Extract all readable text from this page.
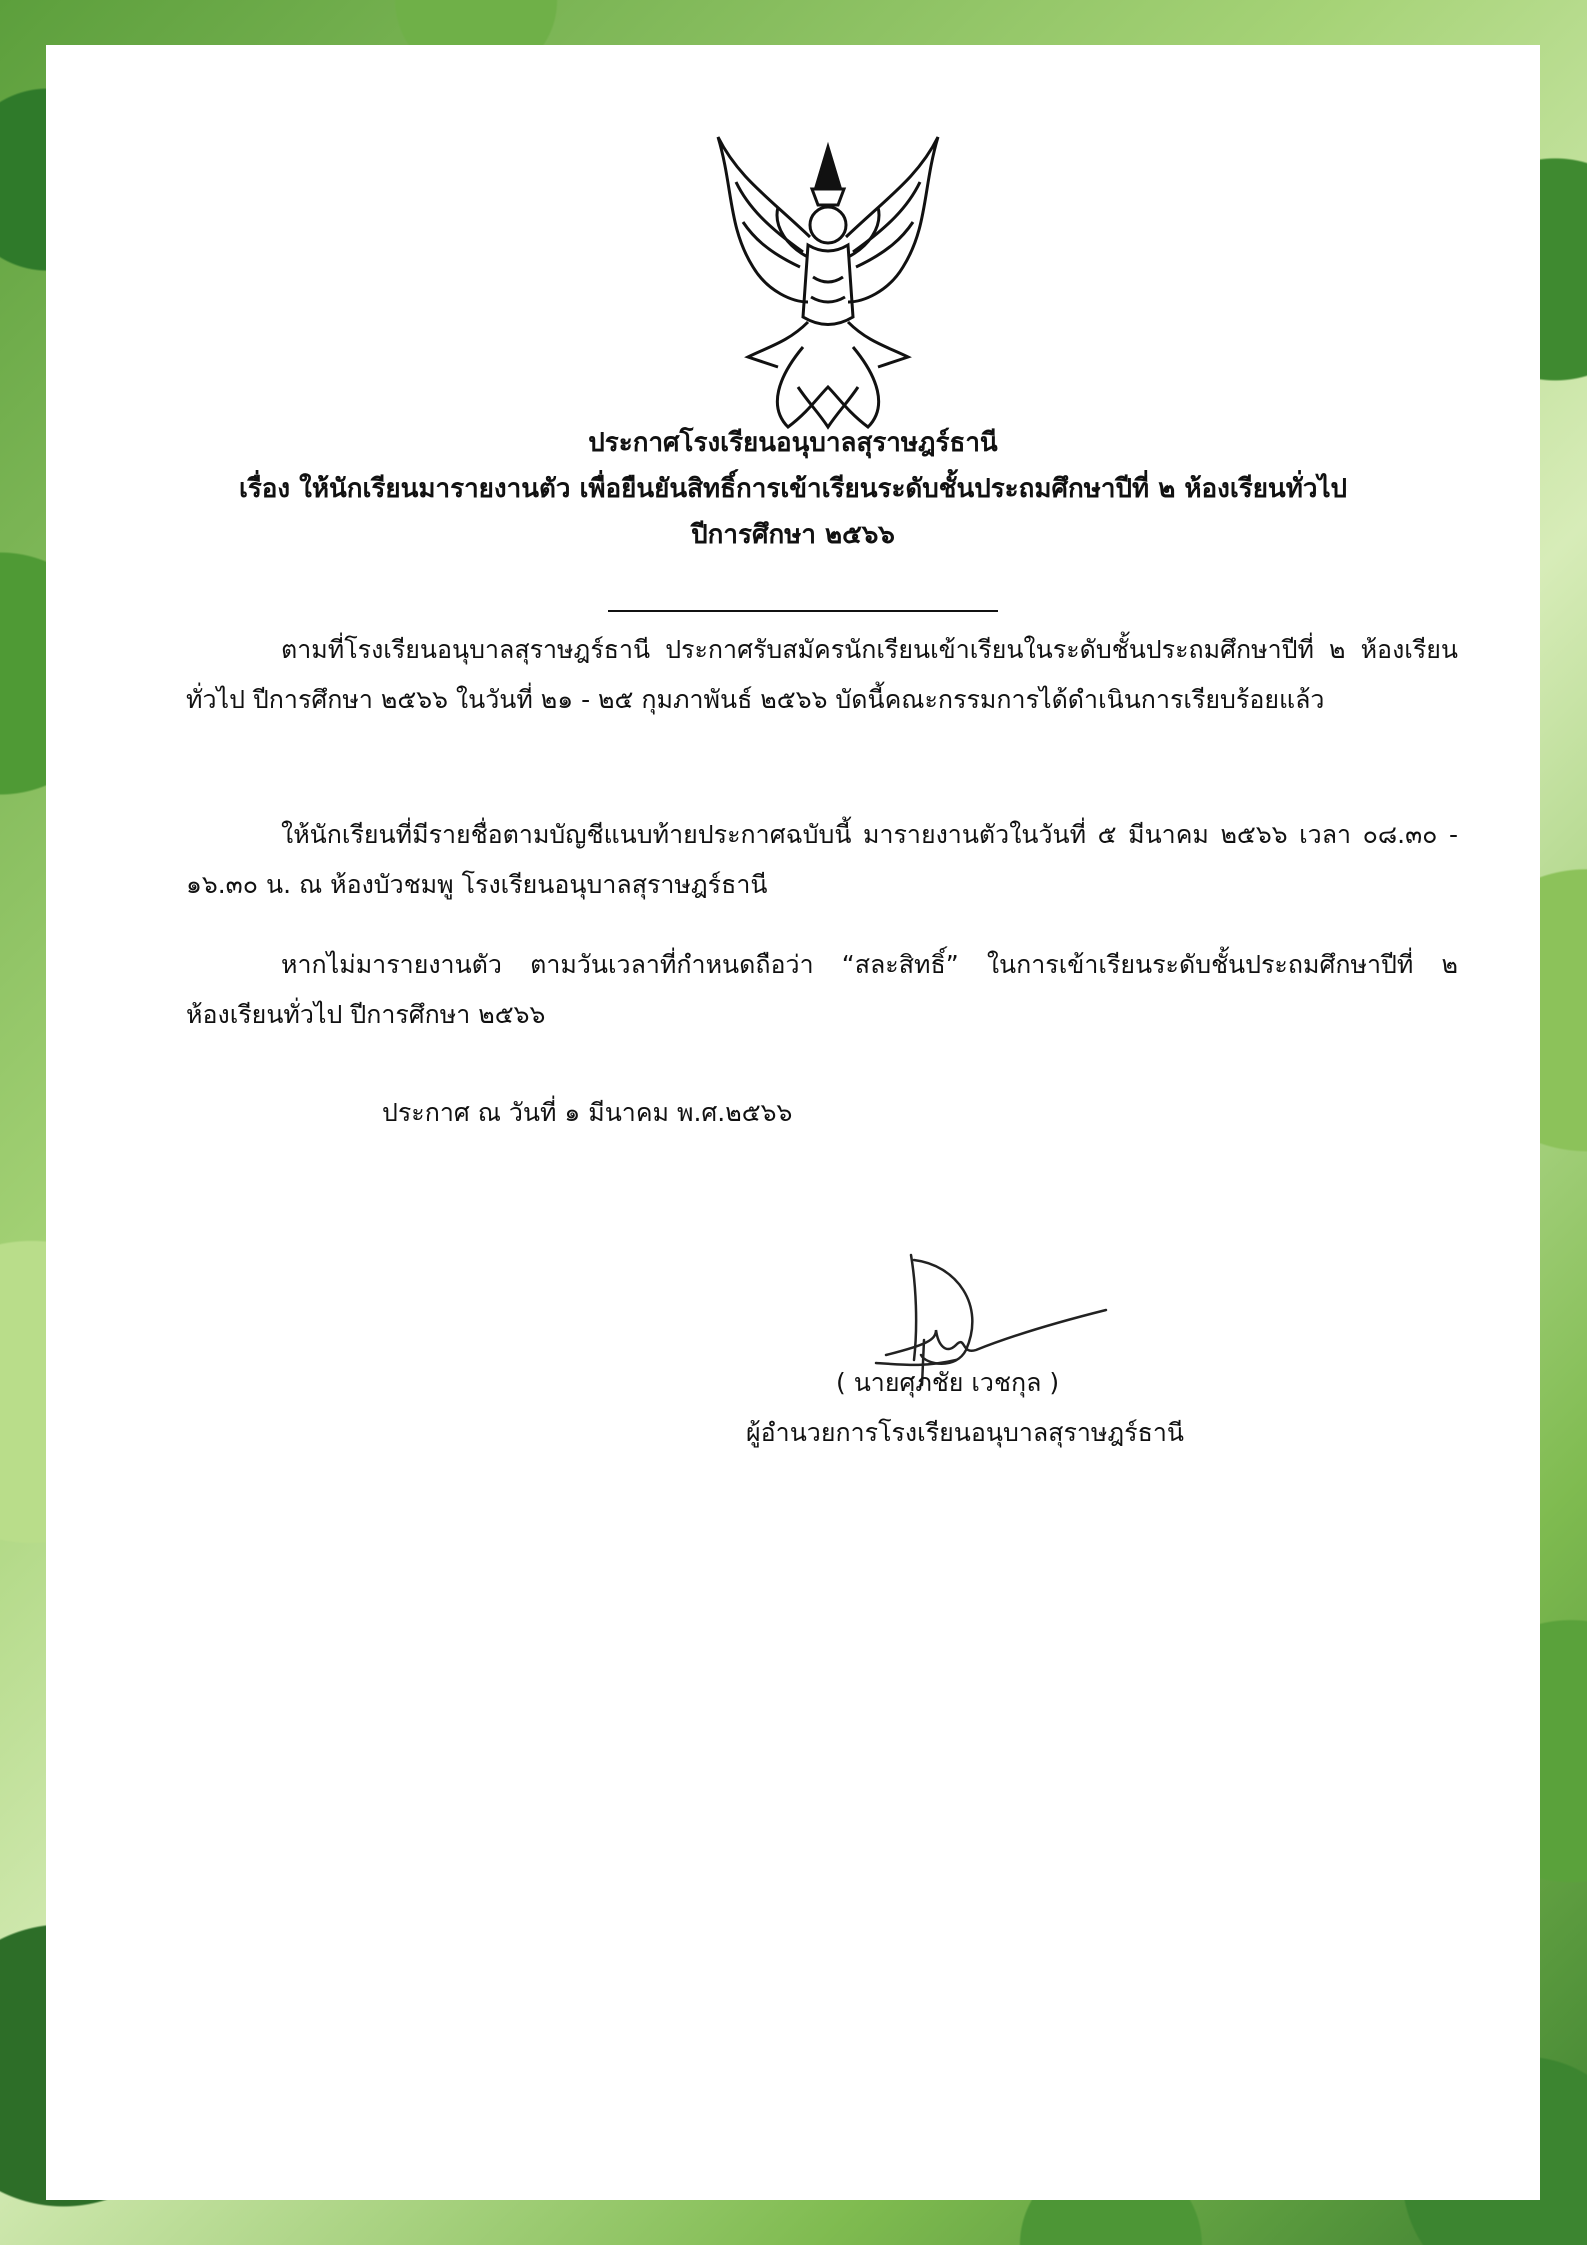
ประกาศโรงเรียนอนุบาลสุราษฎร์ธานี
เรื่อง ให้นักเรียนมารายงานตัว เพื่อยืนยันสิทธิ์การเข้าเรียนระดับชั้นประถมศึกษาปีที่ ๒ ห้องเรียนทั่วไป
ปีการศึกษา ๒๕๖๖

ตามที่โรงเรียนอนุบาลสุราษฎร์ธานี ประกาศรับสมัครนักเรียนเข้าเรียนในระดับชั้นประถมศึกษาปีที่ ๒ ห้องเรียนทั่วไป ปีการศึกษา ๒๕๖๖ ในวันที่ ๒๑ - ๒๕ กุมภาพันธ์ ๒๕๖๖ บัดนี้คณะกรรมการได้ดำเนินการเรียบร้อยแล้ว

ให้นักเรียนที่มีรายชื่อตามบัญชีแนบท้ายประกาศฉบับนี้ มารายงานตัวในวันที่ ๕ มีนาคม ๒๕๖๖ เวลา ๐๘.๓๐ - ๑๖.๓๐ น. ณ ห้องบัวชมพู โรงเรียนอนุบาลสุราษฎร์ธานี

หากไม่มารายงานตัว ตามวันเวลาที่กำหนดถือว่า “สละสิทธิ์” ในการเข้าเรียนระดับชั้นประถมศึกษาปีที่ ๒ ห้องเรียนทั่วไป ปีการศึกษา ๒๕๖๖

ประกาศ ณ วันที่ ๑ มีนาคม พ.ศ.๒๕๖๖
( นายศุภชัย เวชกุล )
ผู้อำนวยการโรงเรียนอนุบาลสุราษฎร์ธานี
